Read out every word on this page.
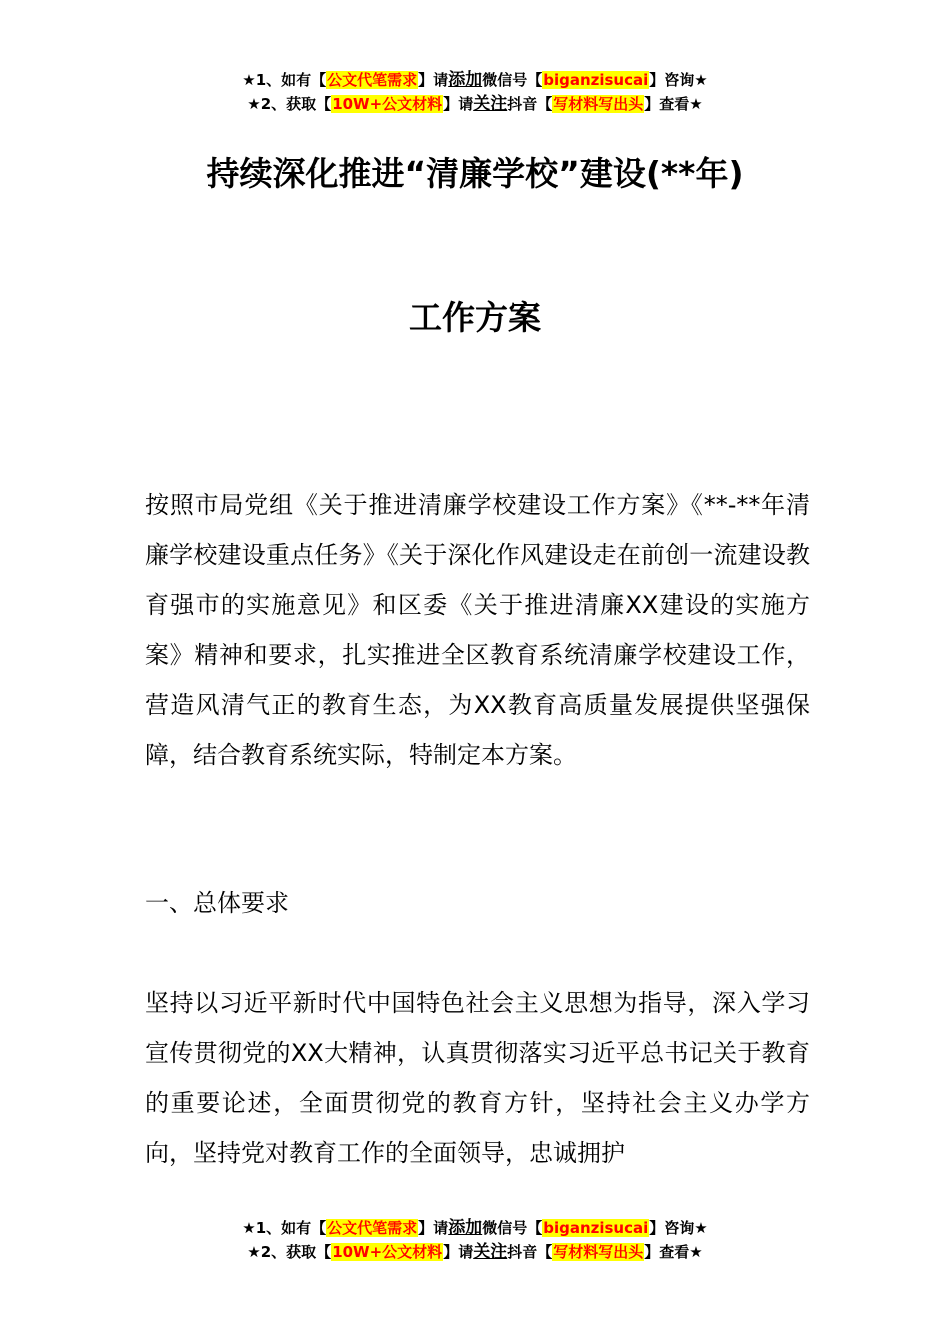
★1、如有【公文代笔需求】请添加微信号【biganzisucai】咨询★
★2、获取【10W+公文材料】请关注抖音【写材料写出头】查看★
持续深化推进“清廉学校”建设(**年)
工作方案
按照市局党组《关于推进清廉学校建设工作方案》《**-**年清廉学校建设重点任务》《关于深化作风建设走在前创一流建设教育强市的实施意见》和区委《关于推进清廉XX建设的实施方案》精神和要求，扎实推进全区教育系统清廉学校建设工作，营造风清气正的教育生态，为XX教育高质量发展提供坚强保障，结合教育系统实际，特制定本方案。
一、总体要求
坚持以习近平新时代中国特色社会主义思想为指导，深入学习宣传贯彻党的XX大精神，认真贯彻落实习近平总书记关于教育的重要论述，全面贯彻党的教育方针，坚持社会主义办学方向，坚持党对教育工作的全面领导，忠诚拥护
★1、如有【公文代笔需求】请添加微信号【biganzisucai】咨询★
★2、获取【10W+公文材料】请关注抖音【写材料写出头】查看★
